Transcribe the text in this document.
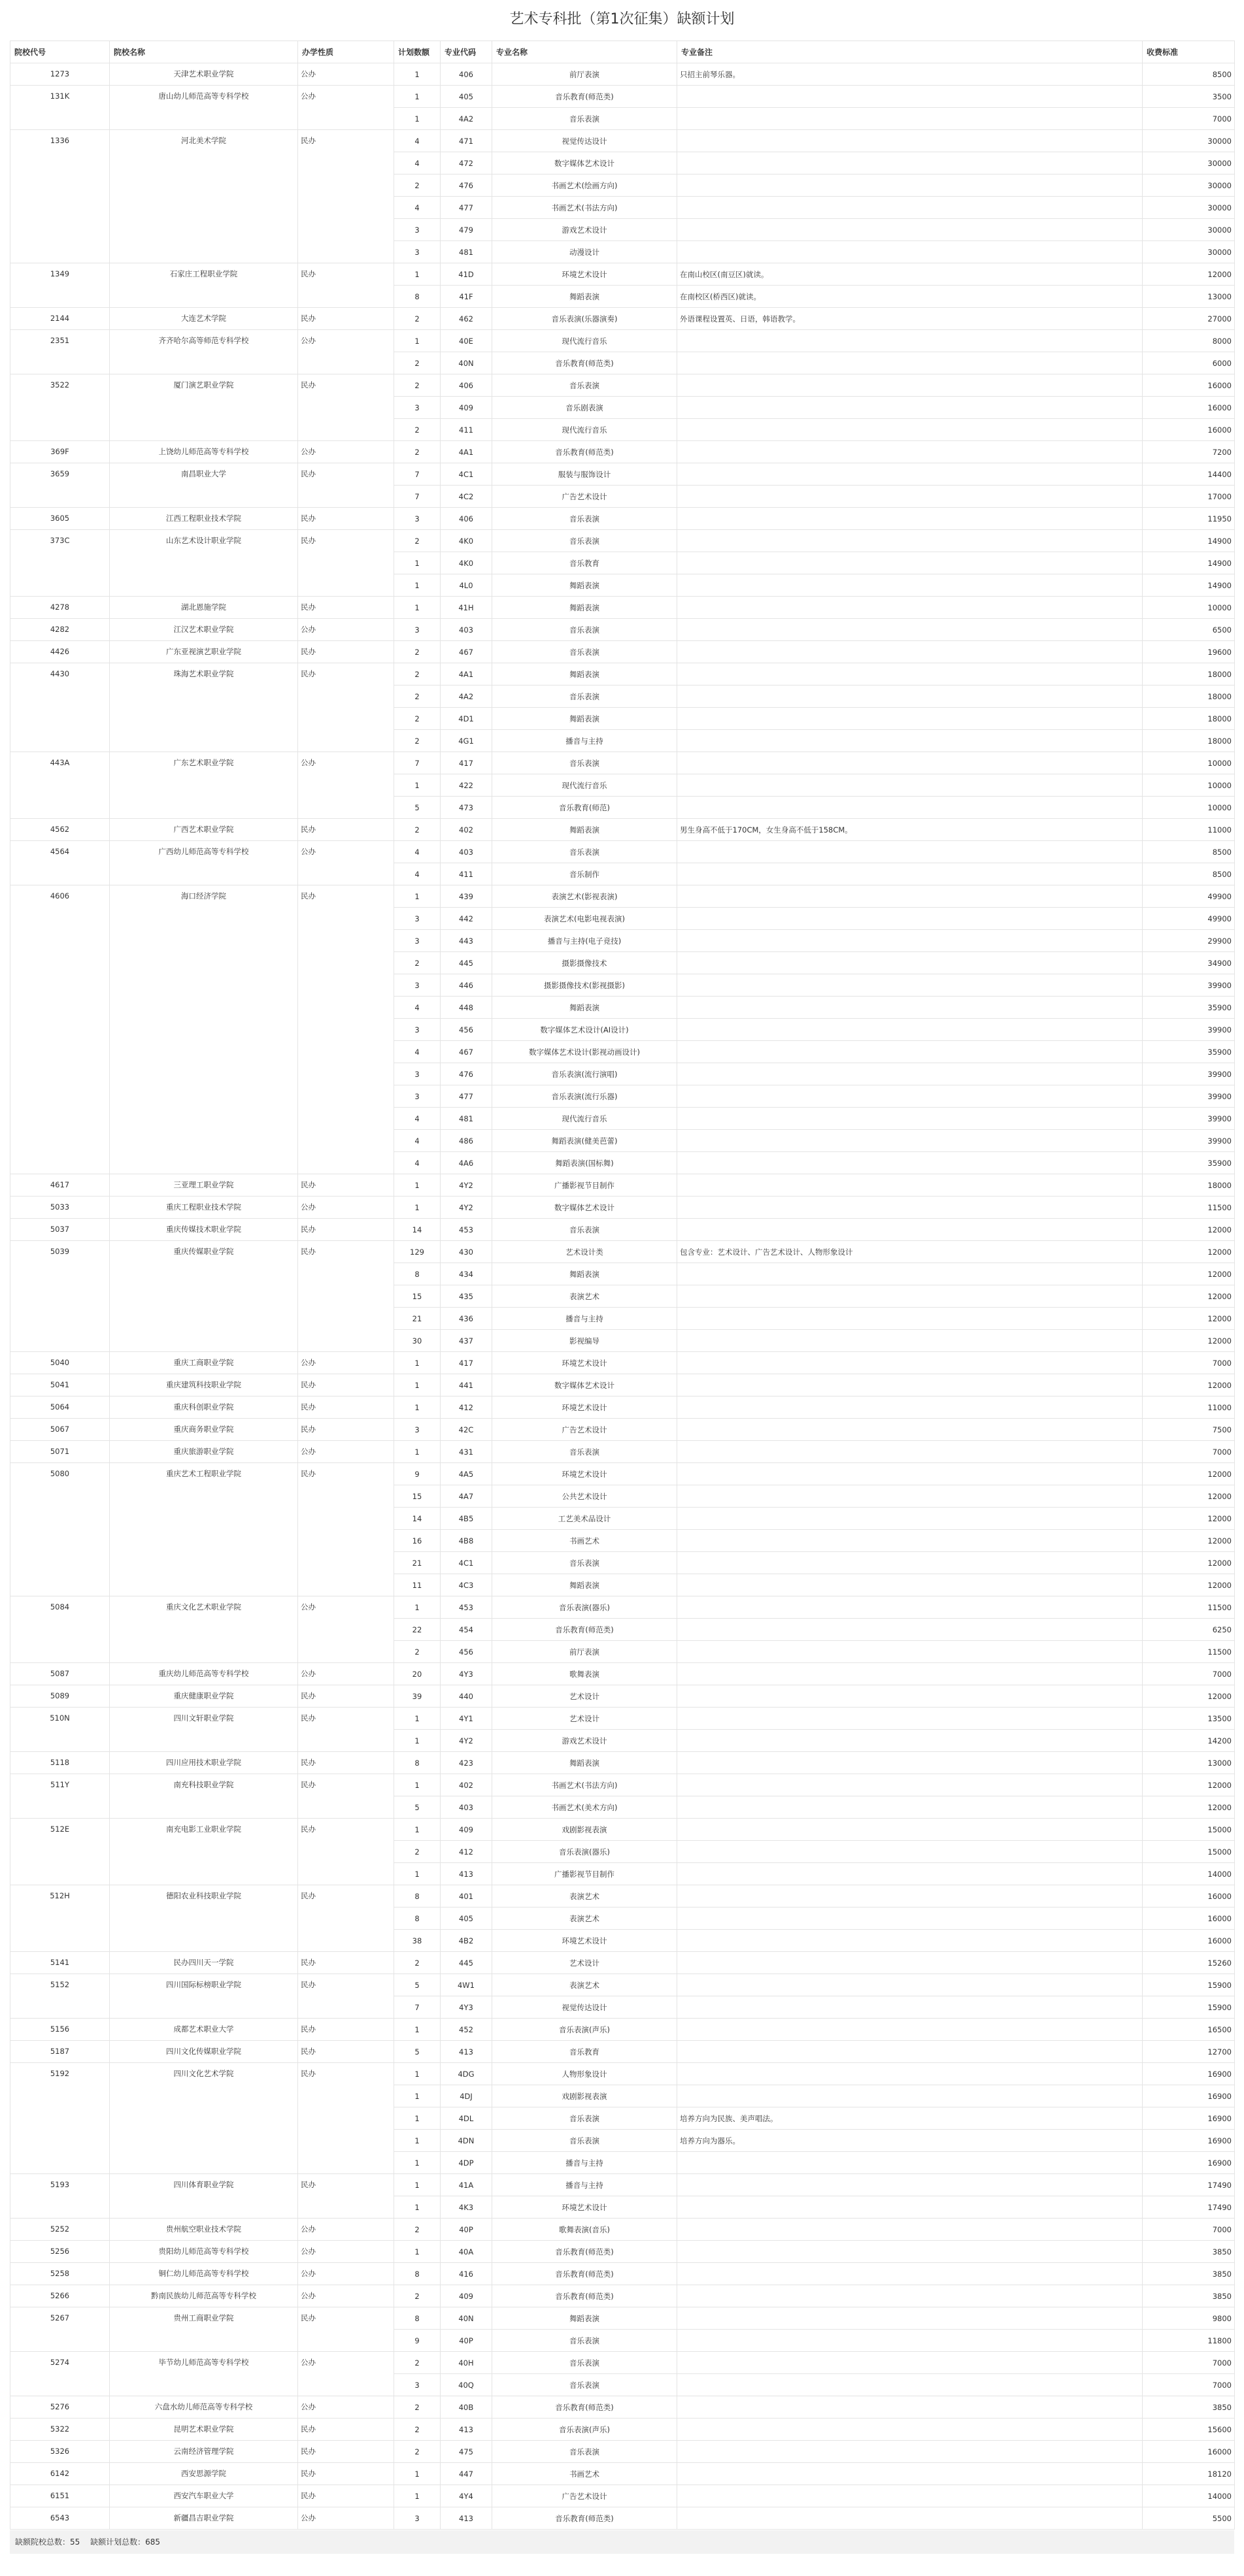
艺术专科批（第1次征集）缺额计划
院校代号	院校名称	办学性质	计划数额	专业代码	专业名称	专业备注	收费标准
1273	天津艺术职业学院	公办	1	406	前厅表演	只招主前琴乐器。	8500
131K	唐山幼儿师范高等专科学校	公办	1	405	音乐教育(师范类)		3500
			1	4A2	音乐表演		7000
1336	河北美术学院	民办	4	471	视觉传达设计		30000
			4	472	数字媒体艺术设计		30000
			2	476	书画艺术(绘画方向)		30000
			4	477	书画艺术(书法方向)		30000
			3	479	游戏艺术设计		30000
			3	481	动漫设计		30000
1349	石家庄工程职业学院	民办	1	41D	环境艺术设计	在南山校区(南豆区)就读。	12000
			8	41F	舞蹈表演	在南校区(桥西区)就读。	13000
2144	大连艺术学院	民办	2	462	音乐表演(乐器演奏)	外语课程设置英、日语，韩语教学。	27000
2351	齐齐哈尔高等师范专科学校	公办	1	40E	现代流行音乐		8000
			2	40N	音乐教育(师范类)		6000
3522	厦门演艺职业学院	民办	2	406	音乐表演		16000
			3	409	音乐剧表演		16000
			2	411	现代流行音乐		16000
369F	上饶幼儿师范高等专科学校	公办	2	4A1	音乐教育(师范类)		7200
3659	南昌职业大学	民办	7	4C1	服装与服饰设计		14400
			7	4C2	广告艺术设计		17000
3605	江西工程职业技术学院	民办	3	406	音乐表演		11950
373C	山东艺术设计职业学院	民办	2	4K0	音乐表演		14900
			1	4K0	音乐教育		14900
			1	4L0	舞蹈表演		14900
4278	湖北恩施学院	民办	1	41H	舞蹈表演		10000
4282	江汉艺术职业学院	公办	3	403	音乐表演		6500
4426	广东亚视演艺职业学院	民办	2	467	音乐表演		19600
4430	珠海艺术职业学院	民办	2	4A1	舞蹈表演		18000
			2	4A2	音乐表演		18000
			2	4D1	舞蹈表演		18000
			2	4G1	播音与主持		18000
443A	广东艺术职业学院	公办	7	417	音乐表演		10000
			1	422	现代流行音乐		10000
			5	473	音乐教育(师范)		10000
4562	广西艺术职业学院	民办	2	402	舞蹈表演	男生身高不低于170CM，女生身高不低于158CM。	11000
4564	广西幼儿师范高等专科学校	公办	4	403	音乐表演		8500
			4	411	音乐制作		8500
4606	海口经济学院	民办	1	439	表演艺术(影视表演)		49900
			3	442	表演艺术(电影电视表演)		49900
			3	443	播音与主持(电子竞技)		29900
			2	445	摄影摄像技术		34900
			3	446	摄影摄像技术(影视摄影)		39900
			4	448	舞蹈表演		35900
			3	456	数字媒体艺术设计(AI设计)		39900
			4	467	数字媒体艺术设计(影视动画设计)		35900
			3	476	音乐表演(流行演唱)		39900
			3	477	音乐表演(流行乐器)		39900
			4	481	现代流行音乐		39900
			4	486	舞蹈表演(健美芭蕾)		39900
			4	4A6	舞蹈表演(国标舞)		35900
4617	三亚理工职业学院	民办	1	4Y2	广播影视节目制作		18000
5033	重庆工程职业技术学院	公办	1	4Y2	数字媒体艺术设计		11500
5037	重庆传媒技术职业学院	民办	14	453	音乐表演		12000
5039	重庆传媒职业学院	民办	129	430	艺术设计类	包含专业：艺术设计、广告艺术设计、人物形象设计	12000
			8	434	舞蹈表演		12000
			15	435	表演艺术		12000
			21	436	播音与主持		12000
			30	437	影视编导		12000
5040	重庆工商职业学院	公办	1	417	环境艺术设计		7000
5041	重庆建筑科技职业学院	民办	1	441	数字媒体艺术设计		12000
5064	重庆科创职业学院	民办	1	412	环境艺术设计		11000
5067	重庆商务职业学院	民办	3	42C	广告艺术设计		7500
5071	重庆旅游职业学院	公办	1	431	音乐表演		7000
5080	重庆艺术工程职业学院	民办	9	4A5	环境艺术设计		12000
			15	4A7	公共艺术设计		12000
			14	4B5	工艺美术品设计		12000
			16	4B8	书画艺术		12000
			21	4C1	音乐表演		12000
			11	4C3	舞蹈表演		12000
5084	重庆文化艺术职业学院	公办	1	453	音乐表演(器乐)		11500
			22	454	音乐教育(师范类)		6250
			2	456	前厅表演		11500
5087	重庆幼儿师范高等专科学校	公办	20	4Y3	歌舞表演		7000
5089	重庆健康职业学院	民办	39	440	艺术设计		12000
510N	四川文轩职业学院	民办	1	4Y1	艺术设计		13500
			1	4Y2	游戏艺术设计		14200
5118	四川应用技术职业学院	民办	8	423	舞蹈表演		13000
511Y	南充科技职业学院	民办	1	402	书画艺术(书法方向)		12000
			5	403	书画艺术(美术方向)		12000
512E	南充电影工业职业学院	民办	1	409	戏剧影视表演		15000
			2	412	音乐表演(器乐)		15000
			1	413	广播影视节目制作		14000
512H	德阳农业科技职业学院	民办	8	401	表演艺术		16000
			8	405	表演艺术		16000
			38	4B2	环境艺术设计		16000
5141	民办四川天一学院	民办	2	445	艺术设计		15260
5152	四川国际标榜职业学院	民办	5	4W1	表演艺术		15900
			7	4Y3	视觉传达设计		15900
5156	成都艺术职业大学	民办	1	452	音乐表演(声乐)		16500
5187	四川文化传媒职业学院	民办	5	413	音乐教育		12700
5192	四川文化艺术学院	民办	1	4DG	人物形象设计		16900
			1	4DJ	戏剧影视表演		16900
			1	4DL	音乐表演	培养方向为民族、美声唱法。	16900
			1	4DN	音乐表演	培养方向为器乐。	16900
			1	4DP	播音与主持		16900
5193	四川体育职业学院	民办	1	41A	播音与主持		17490
			1	4K3	环境艺术设计		17490
5252	贵州航空职业技术学院	公办	2	40P	歌舞表演(音乐)		7000
5256	贵阳幼儿师范高等专科学校	公办	1	40A	音乐教育(师范类)		3850
5258	铜仁幼儿师范高等专科学校	公办	8	416	音乐教育(师范类)		3850
5266	黔南民族幼儿师范高等专科学校	公办	2	409	音乐教育(师范类)		3850
5267	贵州工商职业学院	民办	8	40N	舞蹈表演		9800
			9	40P	音乐表演		11800
5274	毕节幼儿师范高等专科学校	公办	2	40H	音乐表演		7000
			3	40Q	音乐表演		7000
5276	六盘水幼儿师范高等专科学校	公办	2	40B	音乐教育(师范类)		3850
5322	昆明艺术职业学院	民办	2	413	音乐表演(声乐)		15600
5326	云南经济管理学院	民办	2	475	音乐表演		16000
6142	西安思源学院	民办	1	447	书画艺术		18120
6151	西安汽车职业大学	民办	1	4Y4	广告艺术设计		14000
6543	新疆昌吉职业学院	公办	3	413	音乐教育(师范类)		5500
缺额院校总数：55 缺额计划总数：685
